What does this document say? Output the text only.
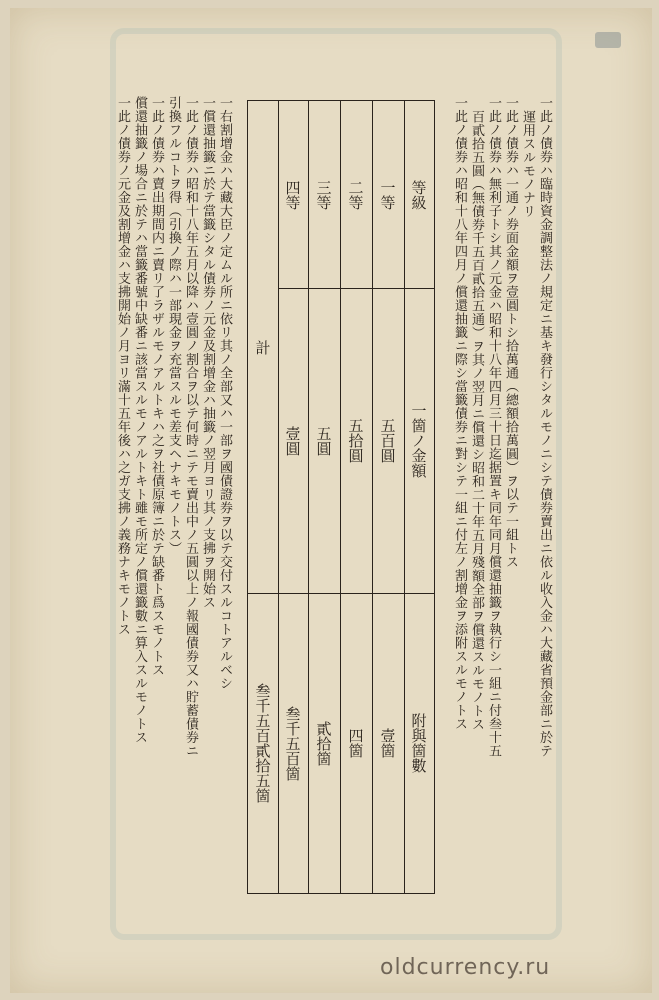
一此ノ債券ハ臨時資金調整法ノ規定ニ基キ發行シタルモノニシテ債券賣出ニ依ル收入金ハ大藏省預金部ニ於テ
運用スルモノナリ
一此ノ債券ハ一通ノ券面金額ヲ壹圓トシ拾萬通（總額拾萬圓）ヲ以テ一組トス
一此ノ債券ハ無利子トシ其ノ元金ハ昭和十八年四月三十日迄据置キ同年同月償還抽籤ヲ執行シ一組ニ付叁十五
百貳拾五圓（無債券千五百貳拾五通）ヲ其ノ翌月ニ償還シ昭和二十年五月殘額全部ヲ償還スルモノトス
一此ノ債券ハ昭和十八年四月ノ償還抽籤ニ際シ當籤債券ニ對シテ一組ニ付左ノ割增金ヲ添附スルモノトス
等級
一箇ノ金額
附與箇數
一等
五百圓
壹箇
二等
五拾圓
四箇
三等
五圓
貳拾箇
四等
壹圓
叁千五百箇
計
叁千五百貳拾五箇
一右割增金ハ大藏大臣ノ定ムル所ニ依リ其ノ全部又ハ一部ヲ國債證券ヲ以テ交付スルコトアルベシ
一償還抽籤ニ於テ當籤シタル債券ノ元金及割增金ハ抽籤ノ翌月ヨリ其ノ支拂ヲ開始ス
一此ノ債券ハ昭和十八年五月以降ハ壹圓ノ割合ヲ以テ何時ニテモ賣出中ノ五圓以上ノ報國債券又ハ貯蓄債券ニ
引換フルコトヲ得（引換ノ際ハ一部現金ヲ充當スルモ差支ヘナキモノトス）
一此ノ債券ハ賣出期間内ニ賣リ了ラザルモノアルトキハ之ヲ社債原簿ニ於テ缺番ト爲スモノトス
償還抽籤ノ場合ニ於テハ當籤番號中缺番ニ該當スルモノアルトキト雖モ所定ノ償還籤數ニ算入スルモノトス
一此ノ債券ノ元金及割增金ハ支拂開始ノ月ヨリ滿十五年後ハ之ガ支拂ノ義務ナキモノトス
oldcurrency.ru
